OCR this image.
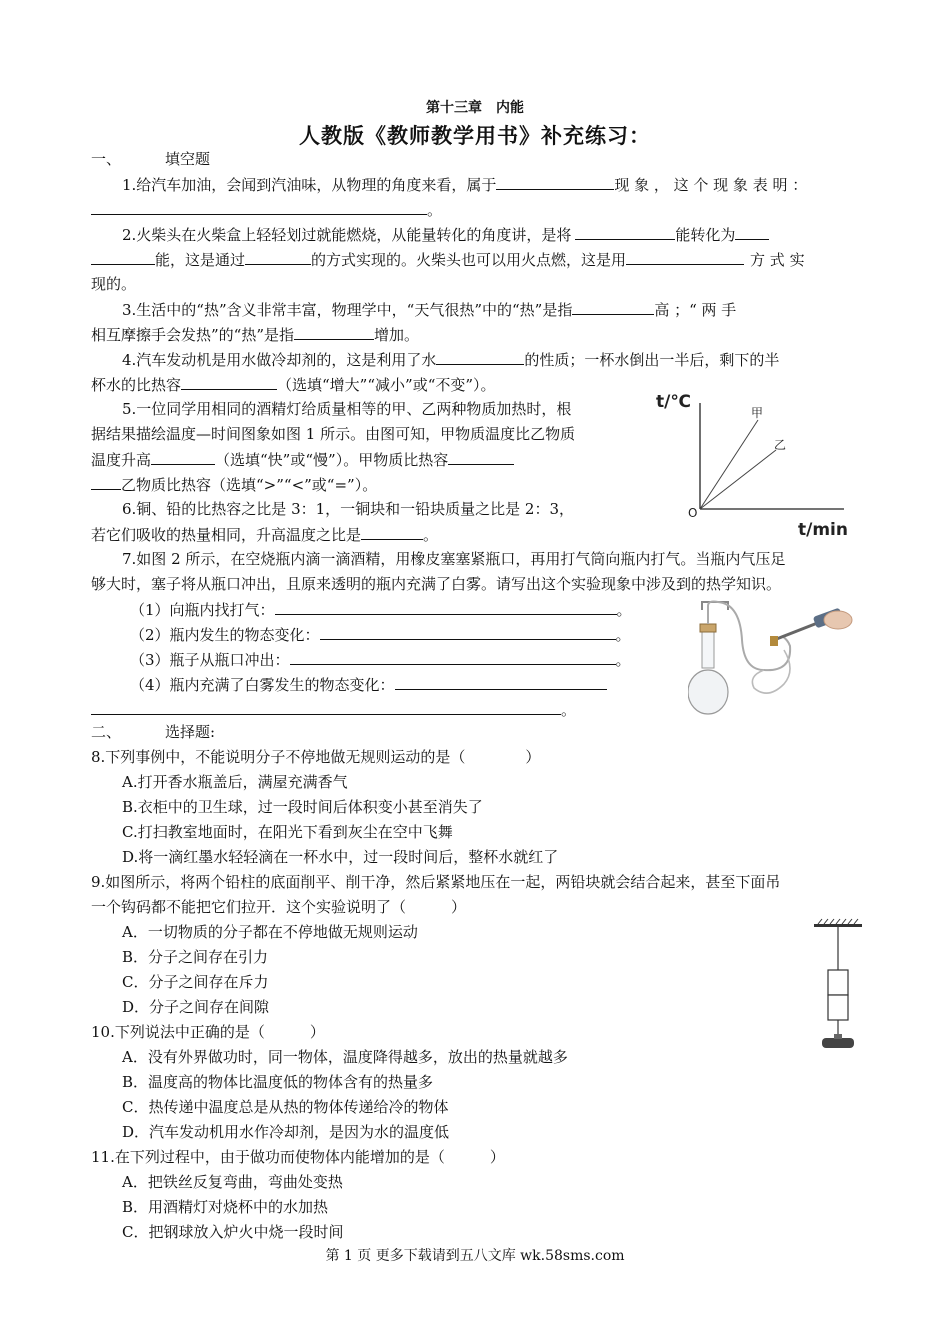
第十三章　内能
人教版《教师教学用书》补充练习：
一、	填空题
1.给汽车加油，会闻到汽油味，从物理的角度来看，属于	现 象 ， 这 个 现 象 表 明 ：
。
2.火柴头在火柴盒上轻轻划过就能燃烧，从能量转化的角度讲，是将	能转化为
能，这是通过	的方式实现的。火柴头也可以用火点燃，这是用	方 式 实
现的。
3.生活中的“热”含义非常丰富，物理学中，“天气很热”中的“热”是指	高 ；“ 两 手
相互摩擦手会发热”的“热”是指	增加。
4.汽车发动机是用水做冷却剂的，这是利用了水	的性质；一杯水倒出一半后，剩下的半
杯水的比热容	（选填“增大”“减小”或“不变”）。
5.一位同学用相同的酒精灯给质量相等的甲、乙两种物质加热时，根
据结果描绘温度—时间图象如图 1 所示。由图可知，甲物质温度比乙物质
温度升高	（选填“快”或“慢”）。甲物质比热容
乙物质比热容（选填“>”“<”或“=”）。
6.铜、铅的比热容之比是 3：1，一铜块和一铅块质量之比是 2：3，
若它们吸收的热量相同，升高温度之比是	。
t/℃
t/min
O
甲
乙
7.如图 2 所示，在空烧瓶内滴一滴酒精，用橡皮塞塞紧瓶口，再用打气筒向瓶内打气。当瓶内气压足
够大时，塞子将从瓶口冲出，且原来透明的瓶内充满了白雾。请写出这个实验现象中涉及到的热学知识。
（1）向瓶内找打气：	。
（2）瓶内发生的物态变化：	。
（3）瓶子从瓶口冲出：	。
（4）瓶内充满了白雾发生的物态变化：
。
二、	选择题:
8.下列事例中，不能说明分子不停地做无规则运动的是（　　　　）
A.打开香水瓶盖后，满屋充满香气
B.衣柜中的卫生球，过一段时间后体积变小甚至消失了
C.打扫教室地面时，在阳光下看到灰尘在空中飞舞
D.将一滴红墨水轻轻滴在一杯水中，过一段时间后，整杯水就红了
9.如图所示，将两个铅柱的底面削平、削干净，然后紧紧地压在一起，两铅块就会结合起来，甚至下面吊
一个钩码都不能把它们拉开．这个实验说明了（　　　）
A．一切物质的分子都在不停地做无规则运动
B．分子之间存在引力
C．分子之间存在斥力
D．分子之间存在间隙
10.下列说法中正确的是（　　　）
A．没有外界做功时，同一物体，温度降得越多，放出的热量就越多
B．温度高的物体比温度低的物体含有的热量多
C．热传递中温度总是从热的物体传递给冷的物体
D．汽车发动机用水作冷却剂，是因为水的温度低
11.在下列过程中，由于做功而使物体内能增加的是（　　　）
A．把铁丝反复弯曲，弯曲处变热
B．用酒精灯对烧杯中的水加热
C．把钢球放入炉火中烧一段时间
第 1 页 更多下载请到五八文库 wk.58sms.com
